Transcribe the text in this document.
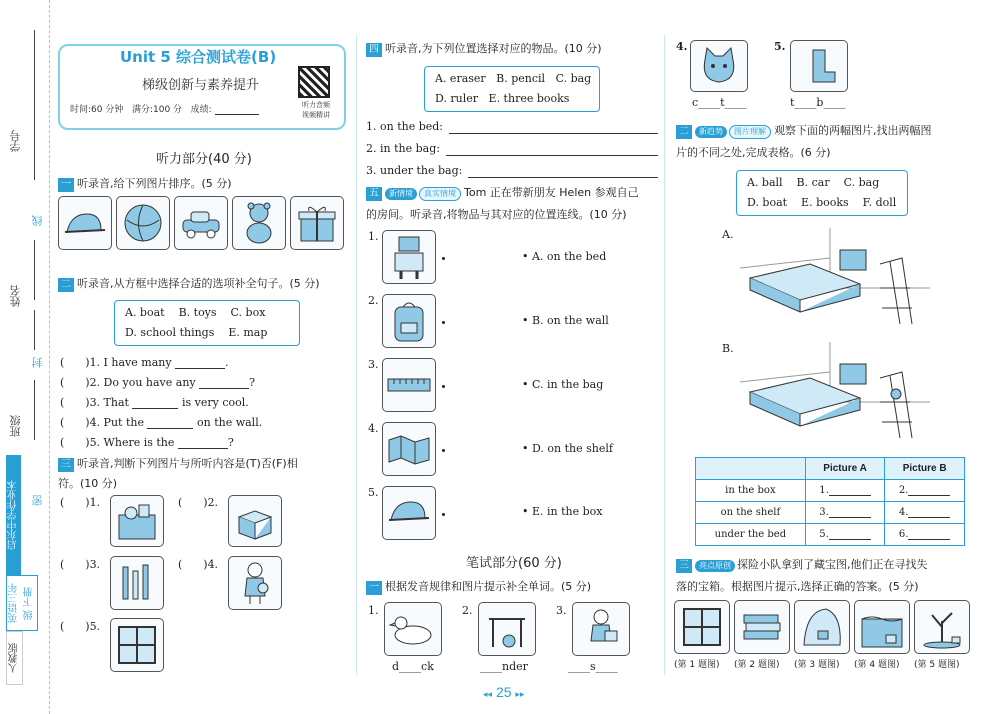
学号
线
姓名
封
班级
密
启东中学作业本
英语三年级 下册
人教版
Unit 5 综合测试卷(B)
梯级创新与素养提升
时间:60 分钟 满分:100 分 成绩:	听力音频
视频精讲
听力部分(40 分)
一 听录音,给下列图片排序。(5 分)
二 听录音,从方框中选择合适的选项补全句子。(5 分)
A. boat    B. toys    C. box
D. school things    E. map
(      )1. I have many	.
(      )2. Do you have any	?
(      )3. That	is very cool.
(      )4. Put the	on the wall.
(      )5. Where is the	?
三 听录音,判断下列图片与所听内容是(T)否(F)相
符。(10 分)
(      )1.	(      )2.
(      )3.	(      )4.
(      )5.
四 听录音,为下列位置选择对应的物品。(10 分)
A. eraser   B. pencil   C. bag
D. ruler   E. three books
1. on the bed:
2. in the bag:
3. under the bag:
五 新情境 真实情境 Tom 正在带新朋友 Helen 参观自己
的房间。听录音,将物品与其对应的位置连线。(10 分)
1.
• A. on the bed
2.
• B. on the wall
3.
• C. in the bag
4.
• D. on the shelf
5.
• E. in the box
笔试部分(60 分)
一 根据发音规律和图片提示补全单词。(5 分)
1.
d____ck
2.
____nder
3.
____s____
4.
c____t____
5.
t____b____
二 新趋势 图片理解 观察下面的两幅图片,找出两幅图
片的不同之处,完成表格。(6 分)
A. ball    B. car    C. bag
D. boat    E. books    F. doll
A.
B.
	Picture A	Picture B
in the box	1.	2.
on the shelf	3.	4.
under the bed	5.	6.
三 亮点原创 探险小队拿到了藏宝图,他们正在寻找失
落的宝箱。根据图片提示,选择正确的答案。(5 分)
(第 1 题图)	(第 2 题图)	(第 3 题图)	(第 4 题图)	(第 5 题图)
◂◂ 25 ▸▸
